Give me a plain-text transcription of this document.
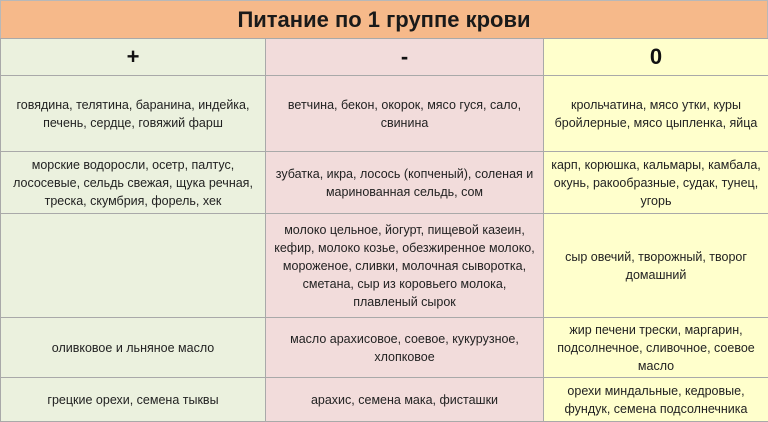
Питание по 1 группе крови
+	-	0
говядина, телятина, баранина, индейка, печень, сердце, говяжий фарш	ветчина, бекон, окорок, мясо гуся, сало, свинина	крольчатина, мясо утки, куры бройлерные, мясо цыпленка, яйца
морские водоросли, осетр, палтус, лососевые, сельдь свежая, щука речная, треска, скумбрия, форель, хек	зубатка, икра, лосось (копченый), соленая и маринованная сельдь, сом	карп, корюшка, кальмары, камбала, окунь, ракообразные, судак, тунец, угорь
	молоко цельное, йогурт, пищевой казеин, кефир, молоко козье, обезжиренное молоко, мороженое, сливки, молочная сыворотка, сметана, сыр из коровьего молока, плавленый сырок	сыр овечий, творожный, творог домашний
оливковое и льняное масло	масло арахисовое, соевое, кукурузное, хлопковое	жир печени трески, маргарин, подсолнечное, сливочное, соевое масло
грецкие орехи, семена тыквы	арахис, семена мака, фисташки	орехи миндальные, кедровые, фундук, семена подсолнечника
